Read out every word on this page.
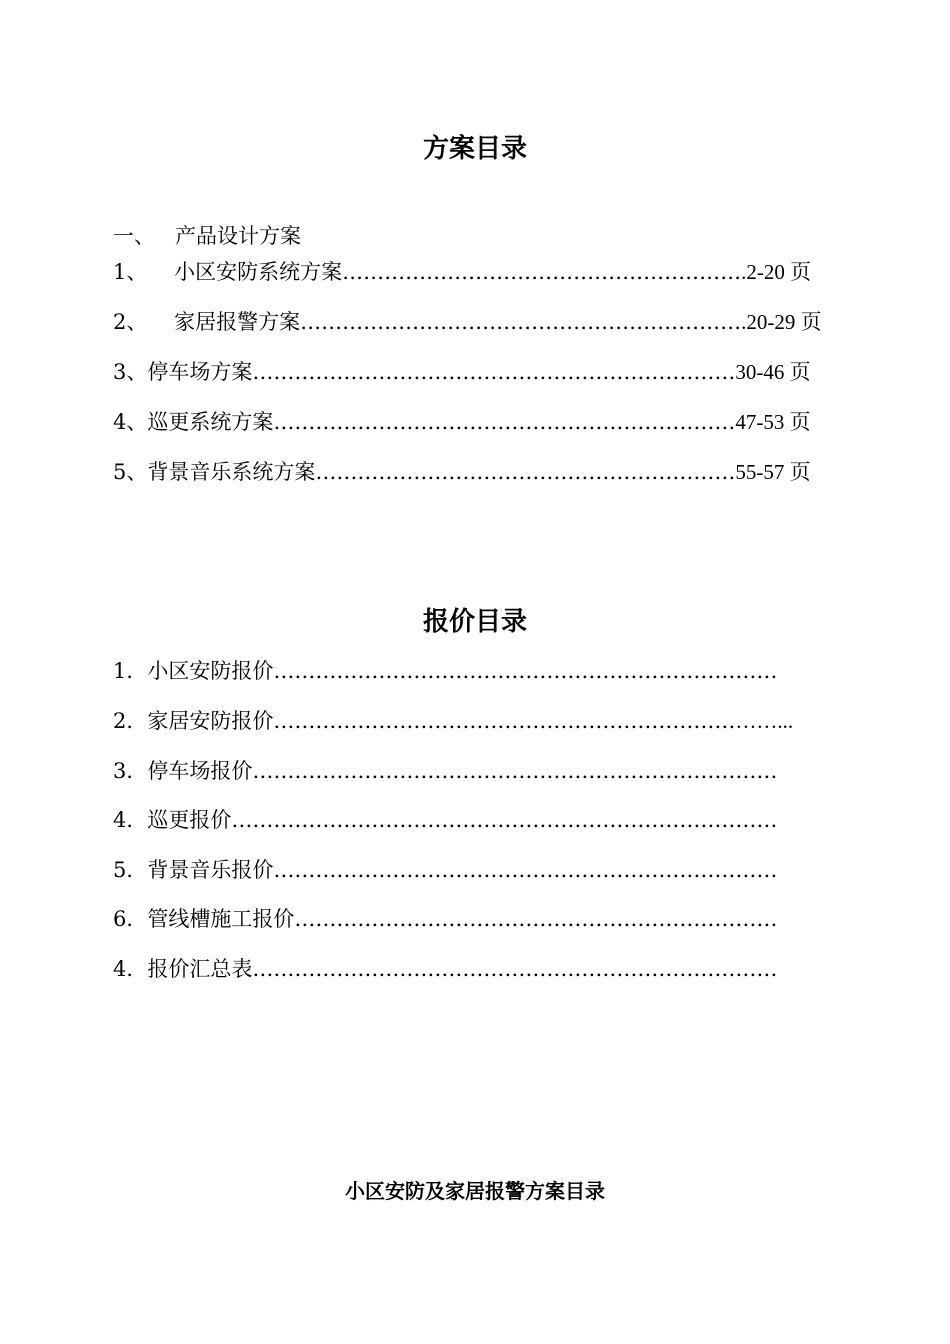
方案目录
一、 产品设计方案
1、 小区安防系统方案………………………………………………….2-20 页
2、 家居报警方案……………………………………………………….20-29 页
3、停车场方案……………………………………………………………30-46 页
4、巡更系统方案…………………………………………………………47-53 页
5、背景音乐系统方案……………………………………………………55-57 页
报价目录
1．小区安防报价………………………………………………………………
2．家居安防报价………………………………………………………………...
3．停车场报价…………………………………………………………………
4．巡更报价……………………………………………………………………
5．背景音乐报价………………………………………………………………
6．管线槽施工报价……………………………………………………………
4．报价汇总表…………………………………………………………………
小区安防及家居报警方案目录
